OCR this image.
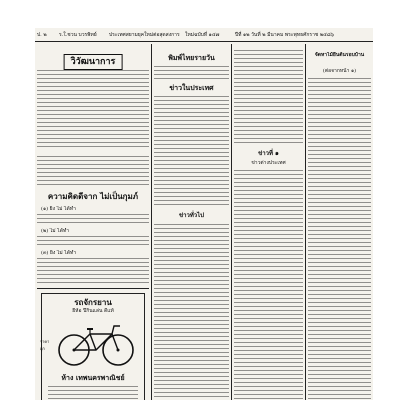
ป. ๒ ร.ใ.ชวน บวรพิทย์ ประเทศสยามยุคใหม่ต่อสุดสงการ ใหม่ฉบับที่ ๑๔๗	ปีที่ ๑๒ วันที่ ๒ มีนาคม พระพุทธศักราช ๒๔๘๖
วิวัฒนาการ
ความคิดดีจาก ไม่เป็นกุมภ์
(๑) ยิ่ง ไม่ ได้ทำ
(๒) ไม่ ได้ทำ
(๓) ยิ่ง ไม่ ได้ทำ
รถจักรยาน
ยี่ห้อ ปีกินแล่น ดีแท้
ราคาถูก
ห้าง เทพนครพาณิชย์
พิมพ์ไทยรายวัน
ข่าวในประเทศ
ข่าวทั่วไป
ข่าวที่ ๑
ข่าวต่างประเทศ
จัดหาไม้ยืนต้นรอบบ้าน
(ต่อจากหน้า ๑)
